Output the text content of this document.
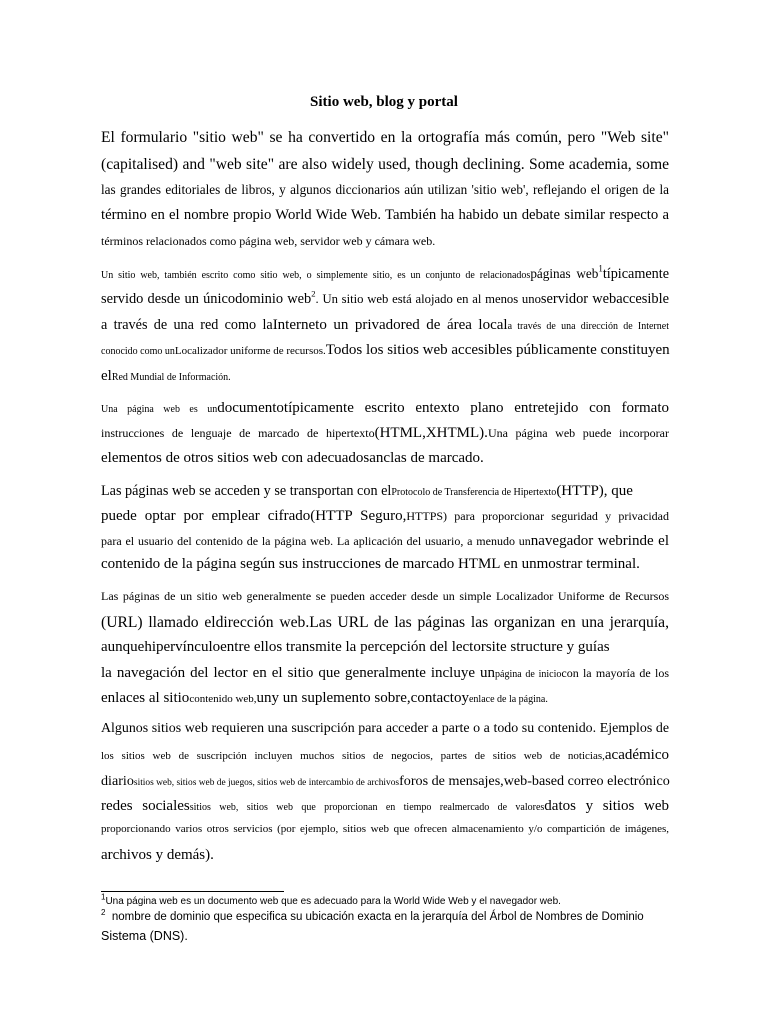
Sitio web, blog y portal
El formulario "sitio web" se ha convertido en la ortografía más común, pero "Web site"
(capitalised) and "web site" are also widely used, though declining. Some academia, some
las grandes editoriales de libros, y algunos diccionarios aún utilizan 'sitio web', reflejando el origen de la
término en el nombre propio World Wide Web. También ha habido un debate similar respecto a
términos relacionados como página web, servidor web y cámara web.
Un sitio web, también escrito como sitio web, o simplemente sitio, es un conjunto de relacionadospáginas web$^1$típicamente
servido desde un únicodominio web$^2$. Un sitio web está alojado en al menos unoservidor webaccesible
a través de una red como laInterneto un privadored de área locala través de una dirección de Internet
conocido como unLocalizador uniforme de recursos.Todos los sitios web accesibles públicamente constituyen
elRed Mundial de Información.
Una página web es undocumentotípicamente escrito entexto plano entretejido con formato
instrucciones de lenguaje de marcado de hipertexto(HTML,XHTML).Una página web puede incorporar
elementos de otros sitios web con adecuadosanclas de marcado.
Las páginas web se acceden y se transportan con elProtocolo de Transferencia de Hipertexto(HTTP), que
puede optar por emplear cifrado(HTTP Seguro,HTTPS) para proporcionar seguridad y privacidad
para el usuario del contenido de la página web. La aplicación del usuario, a menudo unnavegador webrinde el
contenido de la página según sus instrucciones de marcado HTML en unmostrar terminal.
Las páginas de un sitio web generalmente se pueden acceder desde un simple Localizador Uniforme de Recursos
(URL) llamado eldirección web.Las URL de las páginas las organizan en una jerarquía,
aunquehipervínculoentre ellos transmite la percepción del lectorsite structure y guías
la navegación del lector en el sitio que generalmente incluye unpágina de iniciocon la mayoría de los
enlaces al sitiocontenido web,uny un suplemento sobre,contactoyenlace de la página.
Algunos sitios web requieren una suscripción para acceder a parte o a todo su contenido. Ejemplos de
los sitios web de suscripción incluyen muchos sitios de negocios, partes de sitios web de noticias,académico
diariositios web, sitios web de juegos, sitios web de intercambio de archivosforos de mensajes,web-based correo electrónico
redes socialessitios web, sitios web que proporcionan en tiempo realmercado de valoresdatos y sitios web
proporcionando varios otros servicios (por ejemplo, sitios web que ofrecen almacenamiento y/o compartición de imágenes,
archivos y demás).
$^1$Una página web es un documento web que es adecuado para la World Wide Web y el navegador web.
$^2$ nombre de dominio que especifica su ubicación exacta en la jerarquía del Árbol de Nombres de Dominio
Sistema (DNS).
